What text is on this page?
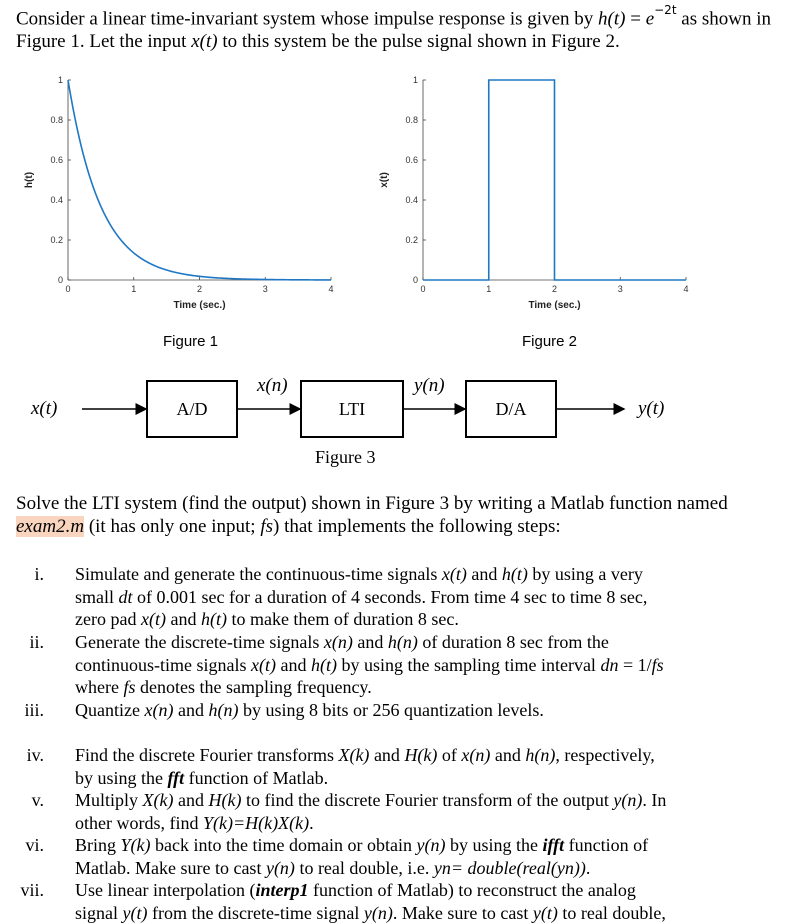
Consider a linear time-invariant system whose impulse response is given by $h(t) = e^{-2t}$ as shown in Figure 1. Let the input x(t) to this system be the pulse signal shown in Figure 2.
0	1	2	3	4
0
0.2
0.4
0.6
0.8
1
Time (sec.)
h(t)
Figure 1
0	1	2	3	4
0
0.2
0.4
0.6
0.8
1
Time (sec.)
x(t)
Figure 2
x(t)	A/D
x(n)
LTI
y(n)
D/A	y(t)
Figure 3
Solve the LTI system (find the output) shown in Figure 3 by writing a Matlab function named exam2.m (it has only one input; fs) that implements the following steps:
i. Simulate and generate the continuous-time signals x(t) and h(t) by using a very
small dt of 0.001 sec for a duration of 4 seconds. From time 4 sec to time 8 sec,
zero pad x(t) and h(t) to make them of duration 8 sec.
ii. Generate the discrete-time signals x(n) and h(n) of duration 8 sec from the
continuous-time signals x(t) and h(t) by using the sampling time interval dn = 1/fs
where fs denotes the sampling frequency.
iii. Quantize x(n) and h(n) by using 8 bits or 256 quantization levels.
iv. Find the discrete Fourier transforms X(k) and H(k) of x(n) and h(n), respectively,
by using the fft function of Matlab.
v. Multiply X(k) and H(k) to find the discrete Fourier transform of the output y(n). In
other words, find Y(k)=H(k)X(k).
vi. Bring Y(k) back into the time domain or obtain y(n) by using the ifft function of
Matlab. Make sure to cast y(n) to real double, i.e. yn= double(real(yn)).
vii. Use linear interpolation (interp1 function of Matlab) to reconstruct the analog
signal y(t) from the discrete-time signal y(n). Make sure to cast y(t) to real double,
